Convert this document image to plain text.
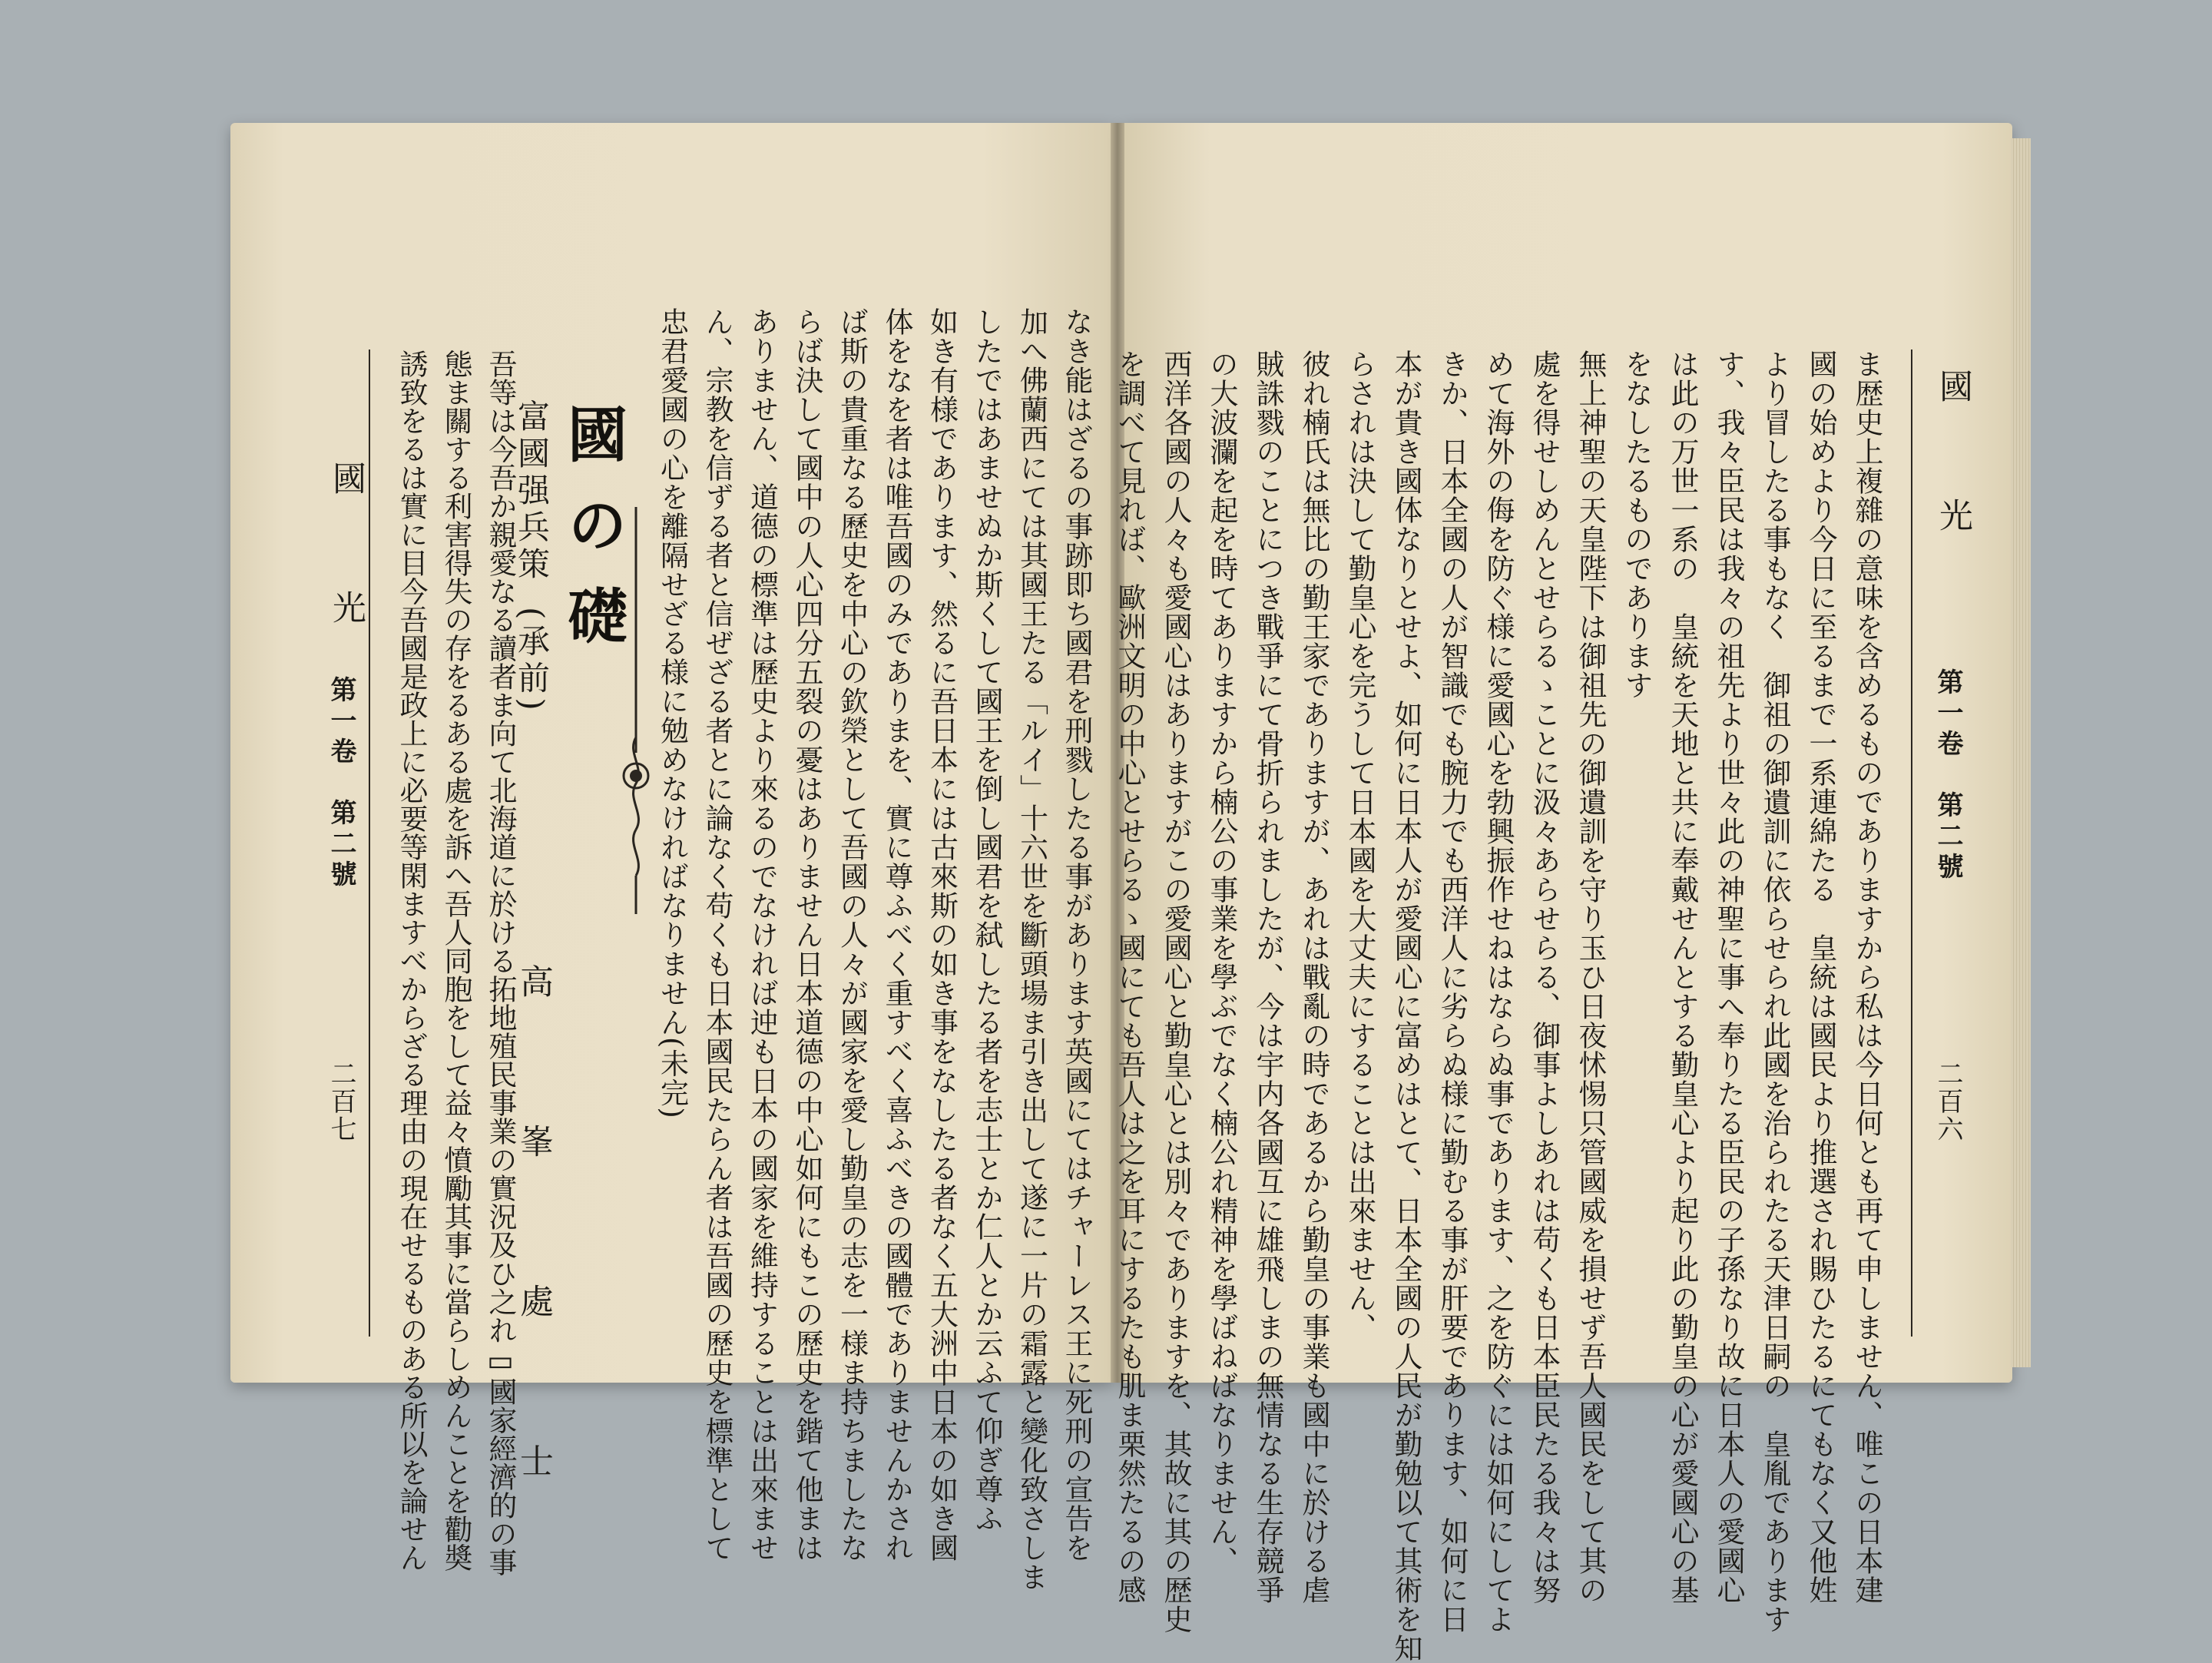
國　光
第一卷　第二號
二百六

ま歴史上複雜の意味を含めるものでありますから私は今日何とも再て申しません、唯この日本建

國の始めより今日に至るまで一系連綿たる　皇統は國民より推選され賜ひたるにてもなく又他姓

より冒したる事もなく　御祖の御遺訓に依らせられ此國を治られたる天津日嗣の　皇胤であります

す、我々臣民は我々の祖先より世々此の神聖に事へ奉りたる臣民の子孫なり故に日本人の愛國心

は此の万世一系の　皇統を天地と共に奉戴せんとする勤皇心より起り此の勤皇の心が愛國心の基

をなしたるものであります

無上神聖の天皇陛下は御祖先の御遺訓を守り玉ひ日夜怵惕只管國威を損せず吾人國民をして其の

處を得せしめんとせらるゝことに汲々あらせらる、御事よしあれは苟くも日本臣民たる我々は努

めて海外の侮を防ぐ様に愛國心を勃興振作せねはならぬ事であります、之を防ぐには如何にしてよ

きか、日本全國の人が智識でも腕力でも西洋人に劣らぬ様に勤むる事が肝要であります、如何に日

本が貴き國体なりとせよ、如何に日本人が愛國心に富めはとて、日本全國の人民が勤勉以て其術を知

らされは決して勤皇心を完うして日本國を大丈夫にすることは出來ません、

彼れ楠氏は無比の勤王家でありますが、あれは戰亂の時であるから勤皇の事業も國中に於ける虐

賊誅戮のことにつき戰爭にて骨折られましたが、今は宇内各國互に雄飛しまの無情なる生存競爭

の大波瀾を起を時てありますから楠公の事業を學ぶでなく楠公れ精神を學ばねばなりません、

西洋各國の人々も愛國心はありますがこの愛國心と勤皇心とは別々でありますを、其故に其の歴史

を調べて見れば、歐洲文明の中心とせらるゝ國にても吾人は之を耳にするたも肌ま栗然たるの感

國　光
第一卷　第二號
二百七	なき能はざるの事跡即ち國君を刑戮したる事があります英國にてはチャーレス王に死刑の宣告を

加へ佛蘭西にては其國王たる「ルイ」十六世を斷頭場ま引き出して遂に一片の霜露と變化致さしま

したではあませぬか斯くして國王を倒し國君を弑したる者を志士とか仁人とか云ふて仰ぎ尊ふ

如き有様であります、然るに吾日本には古來斯の如き事をなしたる者なく五大洲中日本の如き國

体をなを者は唯吾國のみでありまを、實に尊ふべく重すべく喜ふべきの國體でありませんかされ

ば斯の貴重なる歷史を中心の欽榮として吾國の人々が國家を愛し勤皇の志を一様ま持ちましたな

らば決して國中の人心四分五裂の憂はありません日本道德の中心如何にもこの歷史を鍇て他まは

ありません、道德の標準は歷史より來るのでなければ迚も日本の國家を維持することは出來ませ

ん、宗教を信ずる者と信ぜざる者とに論なく苟くも日本國民たらん者は吾國の歷史を標準として

忠君愛國の心を離隔せざる様に勉めなければなりません(未完)

國の礎
富國强兵策
(承前)
高　峯　處　士

吾等は今吾か親愛なる讀者ま向て北海道に於ける拓地殖民事業の實況及ひ之れ▭國家經濟的の事

態ま關する利害得失の存をるある處を訴へ吾人同胞をして益々憤勵其事に當らしめんことを勸奬

誘致をるは實に目今吾國是政上に必要等閑ますべからざる理由の現在せるものある所以を論せん
